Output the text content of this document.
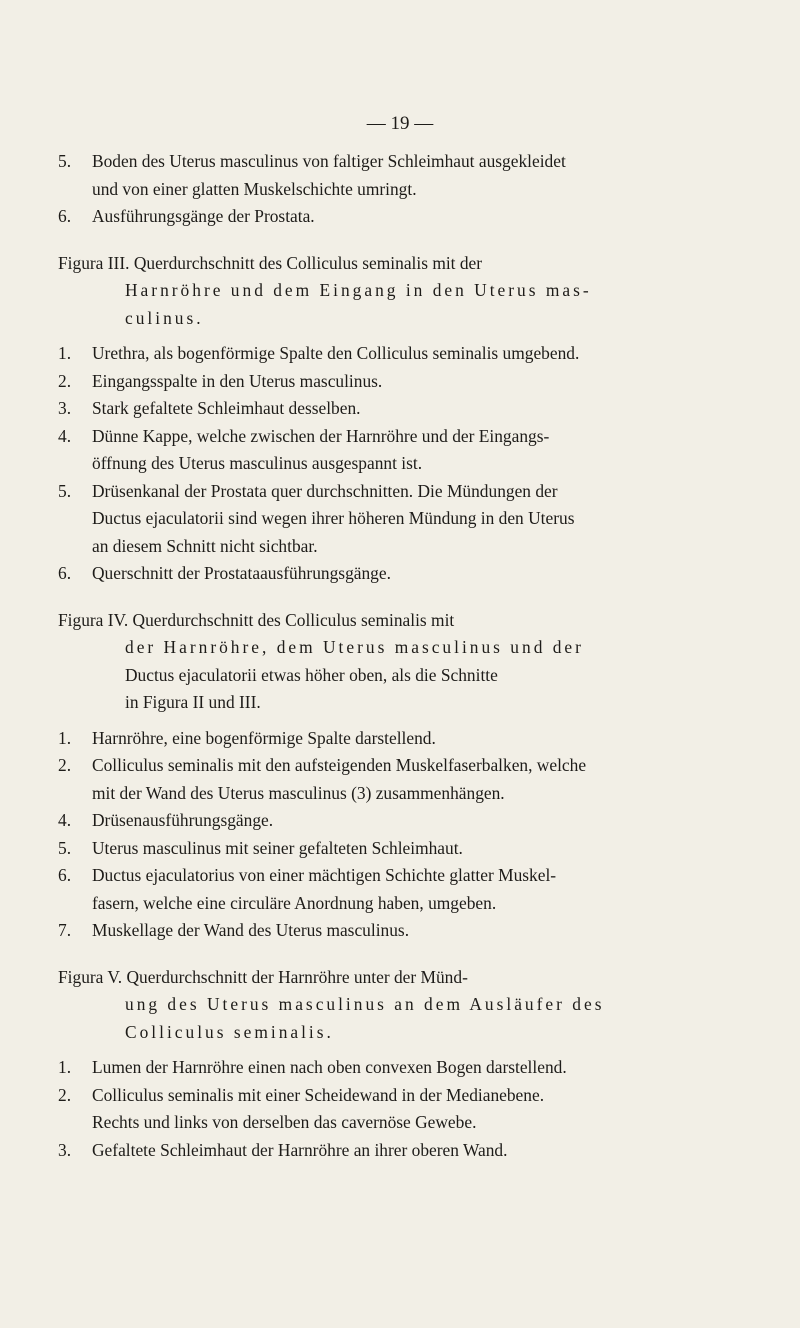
— 19 —
5.	Boden des Uterus masculinus von faltiger Schleimhaut ausgekleidet
und von einer glatten Muskelschichte umringt.
6.	Ausführungsgänge der Prostata.
Figura III. Querdurchschnitt des Colliculus seminalis mit der
Harnröhre und dem Eingang in den Uterus mas-
culinus.
1.	Urethra, als bogenförmige Spalte den Colliculus seminalis umgebend.
2.	Eingangsspalte in den Uterus masculinus.
3.	Stark gefaltete Schleimhaut desselben.
4.	Dünne Kappe, welche zwischen der Harnröhre und der Eingangs-
öffnung des Uterus masculinus ausgespannt ist.
5.	Drüsenkanal der Prostata quer durchschnitten. Die Mündungen der
Ductus ejaculatorii sind wegen ihrer höheren Mündung in den Uterus
an diesem Schnitt nicht sichtbar.
6.	Querschnitt der Prostataausführungsgänge.
Figura IV. Querdurchschnitt des Colliculus seminalis mit
der Harnröhre, dem Uterus masculinus und der
Ductus ejaculatorii etwas höher oben, als die Schnitte
in Figura II und III.
1.	Harnröhre, eine bogenförmige Spalte darstellend.
2.	Colliculus seminalis mit den aufsteigenden Muskelfaserbalken, welche
mit der Wand des Uterus masculinus (3) zusammenhängen.
4.	Drüsenausführungsgänge.
5.	Uterus masculinus mit seiner gefalteten Schleimhaut.
6.	Ductus ejaculatorius von einer mächtigen Schichte glatter Muskel-
fasern, welche eine circuläre Anordnung haben, umgeben.
7.	Muskellage der Wand des Uterus masculinus.
Figura V. Querdurchschnitt der Harnröhre unter der Münd-
ung des Uterus masculinus an dem Ausläufer des
Colliculus seminalis.
1.	Lumen der Harnröhre einen nach oben convexen Bogen darstellend.
2.	Colliculus seminalis mit einer Scheidewand in der Medianebene.
Rechts und links von derselben das cavernöse Gewebe.
3.	Gefaltete Schleimhaut der Harnröhre an ihrer oberen Wand.
